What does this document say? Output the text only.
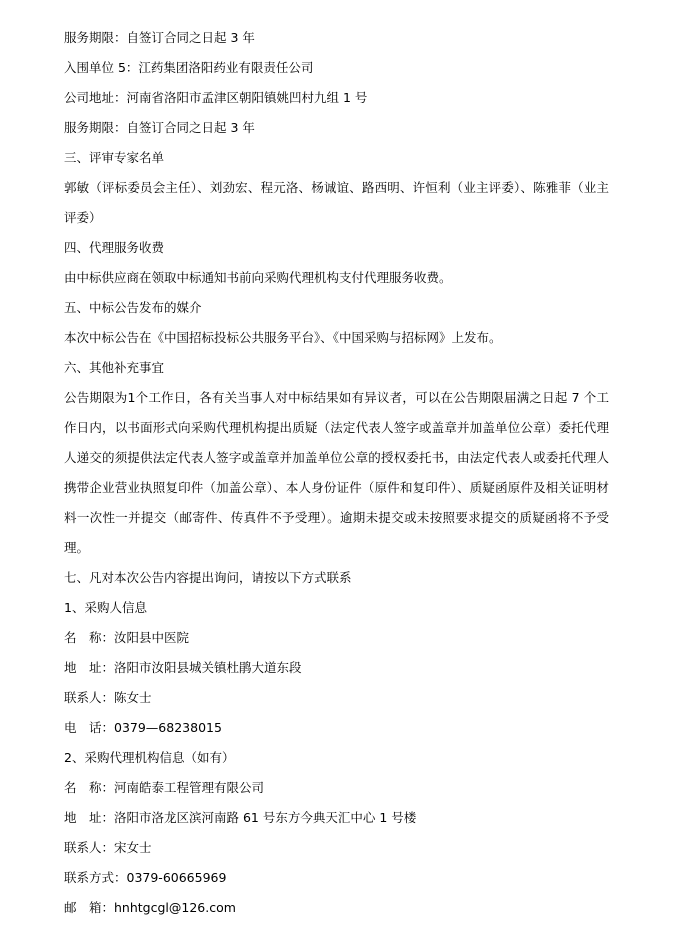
服务期限：自签订合同之日起 3 年
入围单位 5：江药集团洛阳药业有限责任公司
公司地址：河南省洛阳市孟津区朝阳镇姚凹村九组 1 号
服务期限：自签订合同之日起 3 年
三、评审专家名单
郭敏（评标委员会主任）、刘劲宏、程元洛、杨诚谊、路西明、许恒利（业主评委）、陈雅菲（业主评委）
四、代理服务收费
由中标供应商在领取中标通知书前向采购代理机构支付代理服务收费。
五、中标公告发布的媒介
本次中标公告在《中国招标投标公共服务平台》、《中国采购与招标网》上发布。
六、其他补充事宜
公告期限为1个工作日，各有关当事人对中标结果如有异议者，可以在公告期限届满之日起 7 个工作日内，以书面形式向采购代理机构提出质疑（法定代表人签字或盖章并加盖单位公章）委托代理人递交的须提供法定代表人签字或盖章并加盖单位公章的授权委托书，由法定代表人或委托代理人携带企业营业执照复印件（加盖公章）、本人身份证件（原件和复印件）、质疑函原件及相关证明材料一次性一并提交（邮寄件、传真件不予受理）。逾期未提交或未按照要求提交的质疑函将不予受理。
七、凡对本次公告内容提出询问，请按以下方式联系
1、采购人信息
名　称：汝阳县中医院
地　址：洛阳市汝阳县城关镇杜鹃大道东段
联系人：陈女士
电　话：0379—68238015
2、采购代理机构信息（如有）
名　称：河南皓泰工程管理有限公司
地　址：洛阳市洛龙区滨河南路 61 号东方今典天汇中心 1 号楼
联系人：宋女士
联系方式：0379-60665969
邮　箱：hnhtgcgl@126.com
